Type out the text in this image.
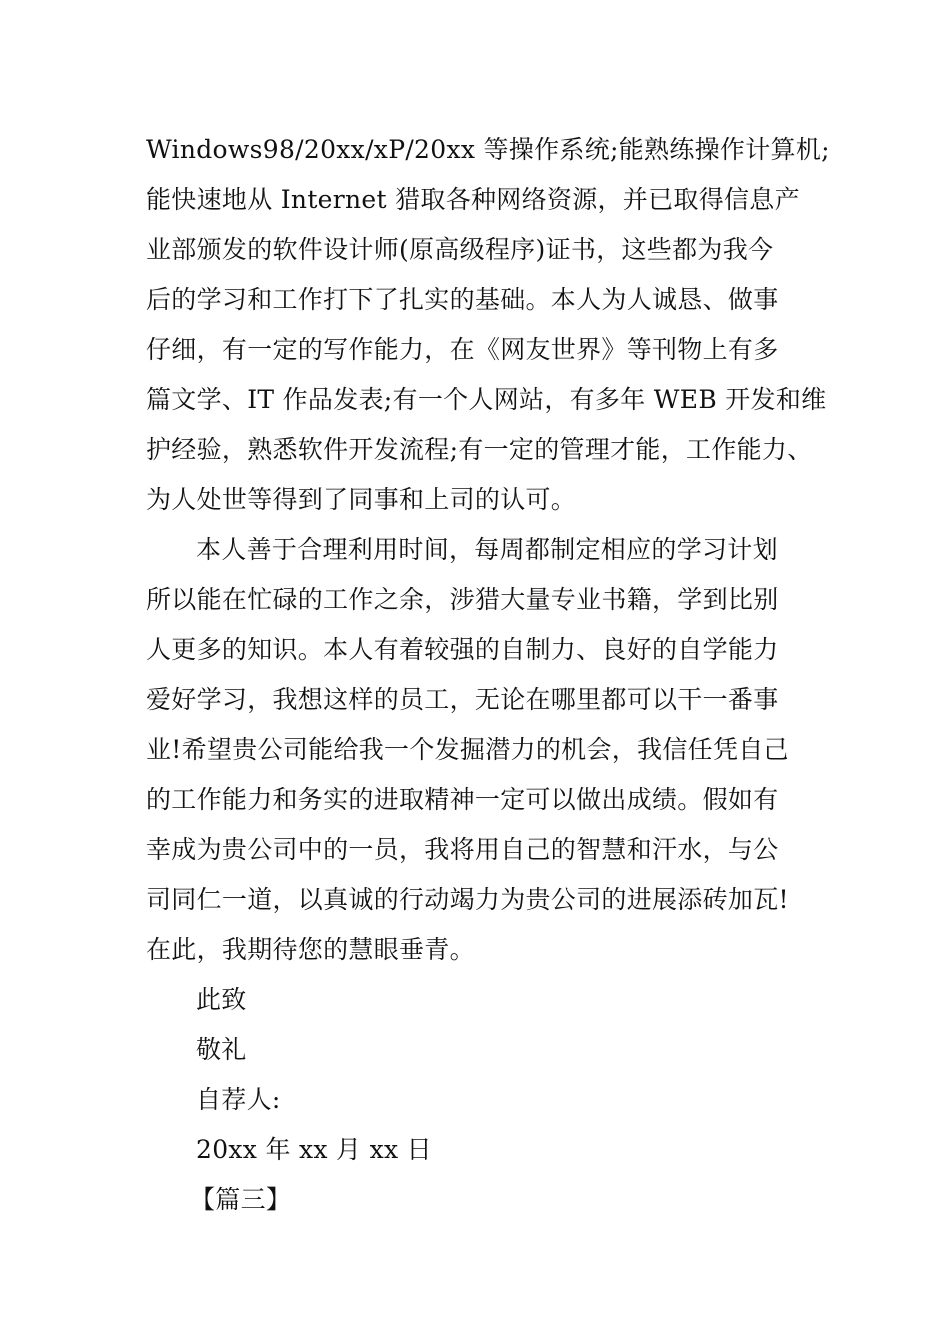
Windows98/20xx/xP/20xx 等操作系统;能熟练操作计算机;
能快速地从 Internet 猎取各种网络资源，并已取得信息产
业部颁发的软件设计师(原高级程序)证书，这些都为我今
后的学习和工作打下了扎实的基础。本人为人诚恳、做事
仔细，有一定的写作能力，在《网友世界》等刊物上有多
篇文学、IT 作品发表;有一个人网站，有多年 WEB 开发和维
护经验，熟悉软件开发流程;有一定的管理才能，工作能力、
为人处世等得到了同事和上司的认可。
本人善于合理利用时间，每周都制定相应的学习计划
所以能在忙碌的工作之余，涉猎大量专业书籍，学到比别
人更多的知识。本人有着较强的自制力、良好的自学能力
爱好学习，我想这样的员工，无论在哪里都可以干一番事
业!希望贵公司能给我一个发掘潜力的机会，我信任凭自己
的工作能力和务实的进取精神一定可以做出成绩。假如有
幸成为贵公司中的一员，我将用自己的智慧和汗水，与公
司同仁一道，以真诚的行动竭力为贵公司的进展添砖加瓦!
在此，我期待您的慧眼垂青。
此致
敬礼
自荐人:
20xx 年 xx 月 xx 日
【篇三】
